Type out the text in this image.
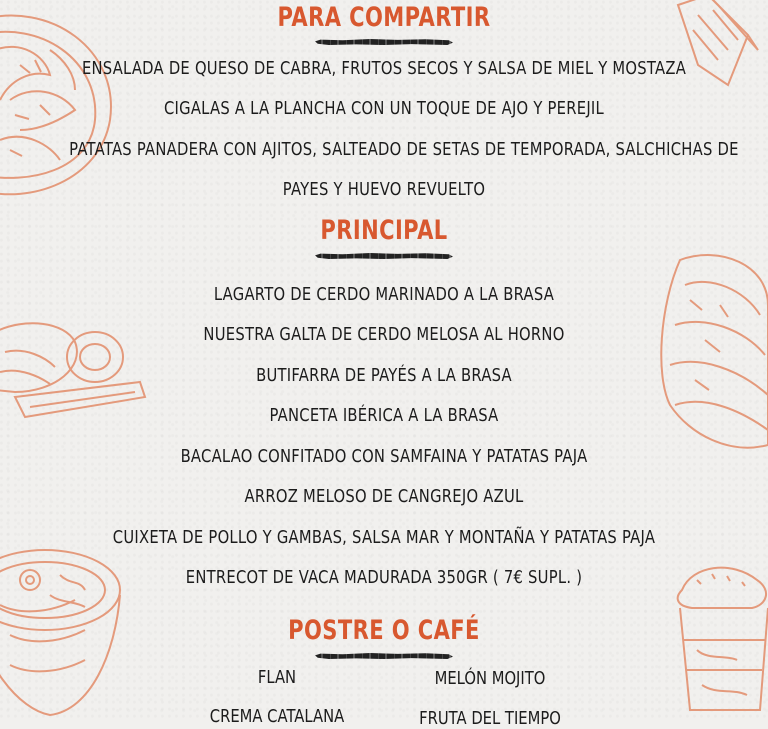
PARA COMPARTIR
ENSALADA DE QUESO DE CABRA, FRUTOS SECOS Y SALSA DE MIEL Y MOSTAZA
CIGALAS A LA PLANCHA CON UN TOQUE DE AJO Y PEREJIL
PATATAS PANADERA CON AJITOS, SALTEADO DE SETAS DE TEMPORADA, SALCHICHAS DE
PAYES Y HUEVO REVUELTO
PRINCIPAL
LAGARTO DE CERDO MARINADO A LA BRASA
NUESTRA GALTA DE CERDO MELOSA AL HORNO
BUTIFARRA DE PAYÉS A LA BRASA
PANCETA IBÉRICA A LA BRASA
BACALAO CONFITADO CON SAMFAINA Y PATATAS PAJA
ARROZ MELOSO DE CANGREJO AZUL
CUIXETA DE POLLO Y GAMBAS, SALSA MAR Y MONTAÑA Y PATATAS PAJA
ENTRECOT DE VACA MADURADA 350GR ( 7€ SUPL. )
POSTRE O CAFÉ
FLAN	MELÓN MOJITO
CREMA CATALANA	FRUTA DEL TIEMPO
